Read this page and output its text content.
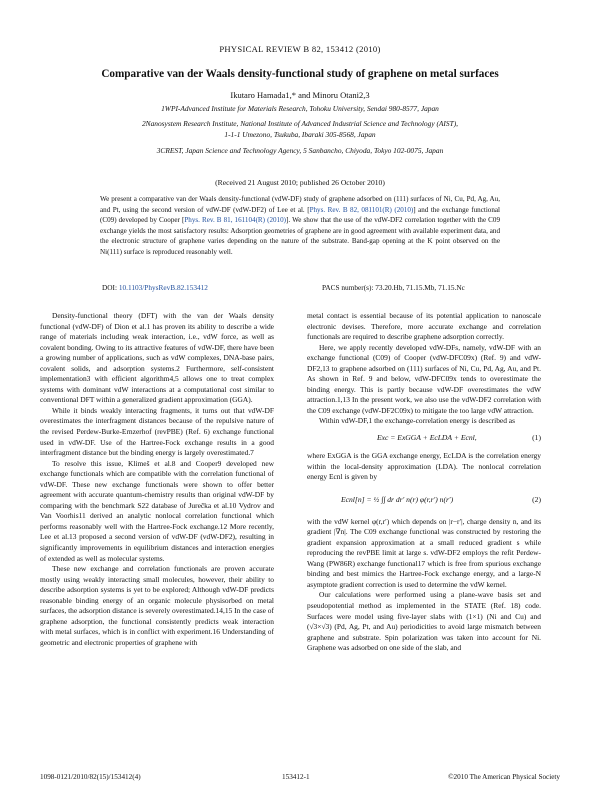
PHYSICAL REVIEW B 82, 153412 (2010)
Comparative van der Waals density-functional study of graphene on metal surfaces
Ikutaro Hamada1,* and Minoru Otani2,3
1WPI-Advanced Institute for Materials Research, Tohoku University, Sendai 980-8577, Japan
2Nanosystem Research Institute, National Institute of Advanced Industrial Science and Technology (AIST),
1-1-1 Umezono, Tsukuba, Ibaraki 305-8568, Japan
3CREST, Japan Science and Technology Agency, 5 Sanbancho, Chiyoda, Tokyo 102-0075, Japan
(Received 21 August 2010; published 26 October 2010)
We present a comparative van der Waals density-functional (vdW-DF) study of graphene adsorbed on (111) surfaces of Ni, Cu, Pd, Ag, Au, and Pt, using the second version of vdW-DF (vdW-DF2) of Lee et al. [Phys. Rev. B 82, 081101(R) (2010)] and the exchange functional (C09) developed by Cooper [Phys. Rev. B 81, 161104(R) (2010)]. We show that the use of the vdW-DF2 correlation together with the C09 exchange yields the most satisfactory results: Adsorption geometries of graphene are in good agreement with available experiment data, and the electronic structure of graphene varies depending on the nature of the substrate. Band-gap opening at the K point observed on the Ni(111) surface is reproduced reasonably well.
DOI: 10.1103/PhysRevB.82.153412	PACS number(s): 73.20.Hb, 71.15.Mb, 71.15.Nc

Density-functional theory (DFT) with the van der Waals density functional (vdW-DF) of Dion et al.1 has proven its ability to describe a wide range of materials including weak interaction, i.e., vdW force, as well as covalent bonding. Owing to its attractive features of vdW-DF, there have been a growing number of applications, such as vdW complexes, DNA-base pairs, covalent solids, and adsorption systems.2 Furthermore, self-consistent implementation3 with efficient algorithm4,5 allows one to treat complex systems with dominant vdW interactions at a computational cost similar to conventional DFT within a generalized gradient approximation (GGA).

While it binds weakly interacting fragments, it turns out that vdW-DF overestimates the interfragment distances because of the repulsive nature of the revised Perdew-Burke-Ernzerhof (revPBE) (Ref. 6) exchange functional used in vdW-DF. Use of the Hartree-Fock exchange results in a good interfragment distance but the binding energy is largely overestimated.7

To resolve this issue, Klimeš et al.8 and Cooper9 developed new exchange functionals which are compatible with the correlation functional of vdW-DF. These new exchange functionals were shown to offer better agreement with accurate quantum-chemistry results than original vdW-DF by comparing with the benchmark S22 database of Jurečka et al.10 Vydrov and Van Voorhis11 derived an analytic nonlocal correlation functional which performs reasonably well with the Hartree-Fock exchange.12 More recently, Lee et al.13 proposed a second version of vdW-DF (vdW-DF2), resulting in significantly improvements in equilibrium distances and interaction energies of extended as well as molecular systems.

These new exchange and correlation functionals are proven accurate mostly using weakly interacting small molecules, however, their ability to describe adsorption systems is yet to be explored; Although vdW-DF predicts reasonable binding energy of an organic molecule physisorbed on metal surfaces, the adsorption distance is severely overestimated.14,15 In the case of graphene adsorption, the functional consistently predicts weak interaction with metal surfaces, which is in conflict with experiment.16 Understanding of geometric and electronic properties of graphene with

metal contact is essential because of its potential application to nanoscale electronic devises. Therefore, more accurate exchange and correlation functionals are required to describe graphene adsorption correctly.

Here, we apply recently developed vdW-DFs, namely, vdW-DF with an exchange functional (C09) of Cooper (vdW-DFC09x) (Ref. 9) and vdW-DF2,13 to graphene adsorbed on (111) surfaces of Ni, Cu, Pd, Ag, Au, and Pt. As shown in Ref. 9 and below, vdW-DFC09x tends to overestimate the binding energy. This is partly because vdW-DF overestimates the vdW attraction.1,13 In the present work, we also use the vdW-DF2 correlation with the C09 exchange (vdW-DF2C09x) to mitigate the too large vdW attraction.

Within vdW-DF,1 the exchange-correlation energy is described as

Exc = ExGGA + EcLDA + Ecnl,	(1)

where ExGGA is the GGA exchange energy, EcLDA is the correlation energy within the local-density approximation (LDA). The nonlocal correlation energy Ecnl is given by

Ecnl[n] = ½ ∫∫ dr dr′ n(r) φ(r,r′) n(r′)	(2)

with the vdW kernel φ(r,r′) which depends on |r−r′|, charge density n, and its gradient |∇n|. The C09 exchange functional was constructed by restoring the gradient expansion approximation at a small reduced gradient s while reproducing the revPBE limit at large s. vdW-DF2 employs the refit Perdew-Wang (PW86R) exchange functional17 which is free from spurious exchange binding and best mimics the Hartree-Fock exchange energy, and a large-N asymptote gradient correction is used to determine the vdW kernel.

Our calculations were performed using a plane-wave basis set and pseudopotential method as implemented in the STATE (Ref. 18) code. Surfaces were model using five-layer slabs with (1×1) (Ni and Cu) and (√3×√3) (Pd, Ag, Pt, and Au) periodicities to avoid large mismatch between graphene and substrate. Spin polarization was taken into account for Ni. Graphene was adsorbed on one side of the slab, and

1098-0121/2010/82(15)/153412(4)	153412-1	©2010 The American Physical Society
